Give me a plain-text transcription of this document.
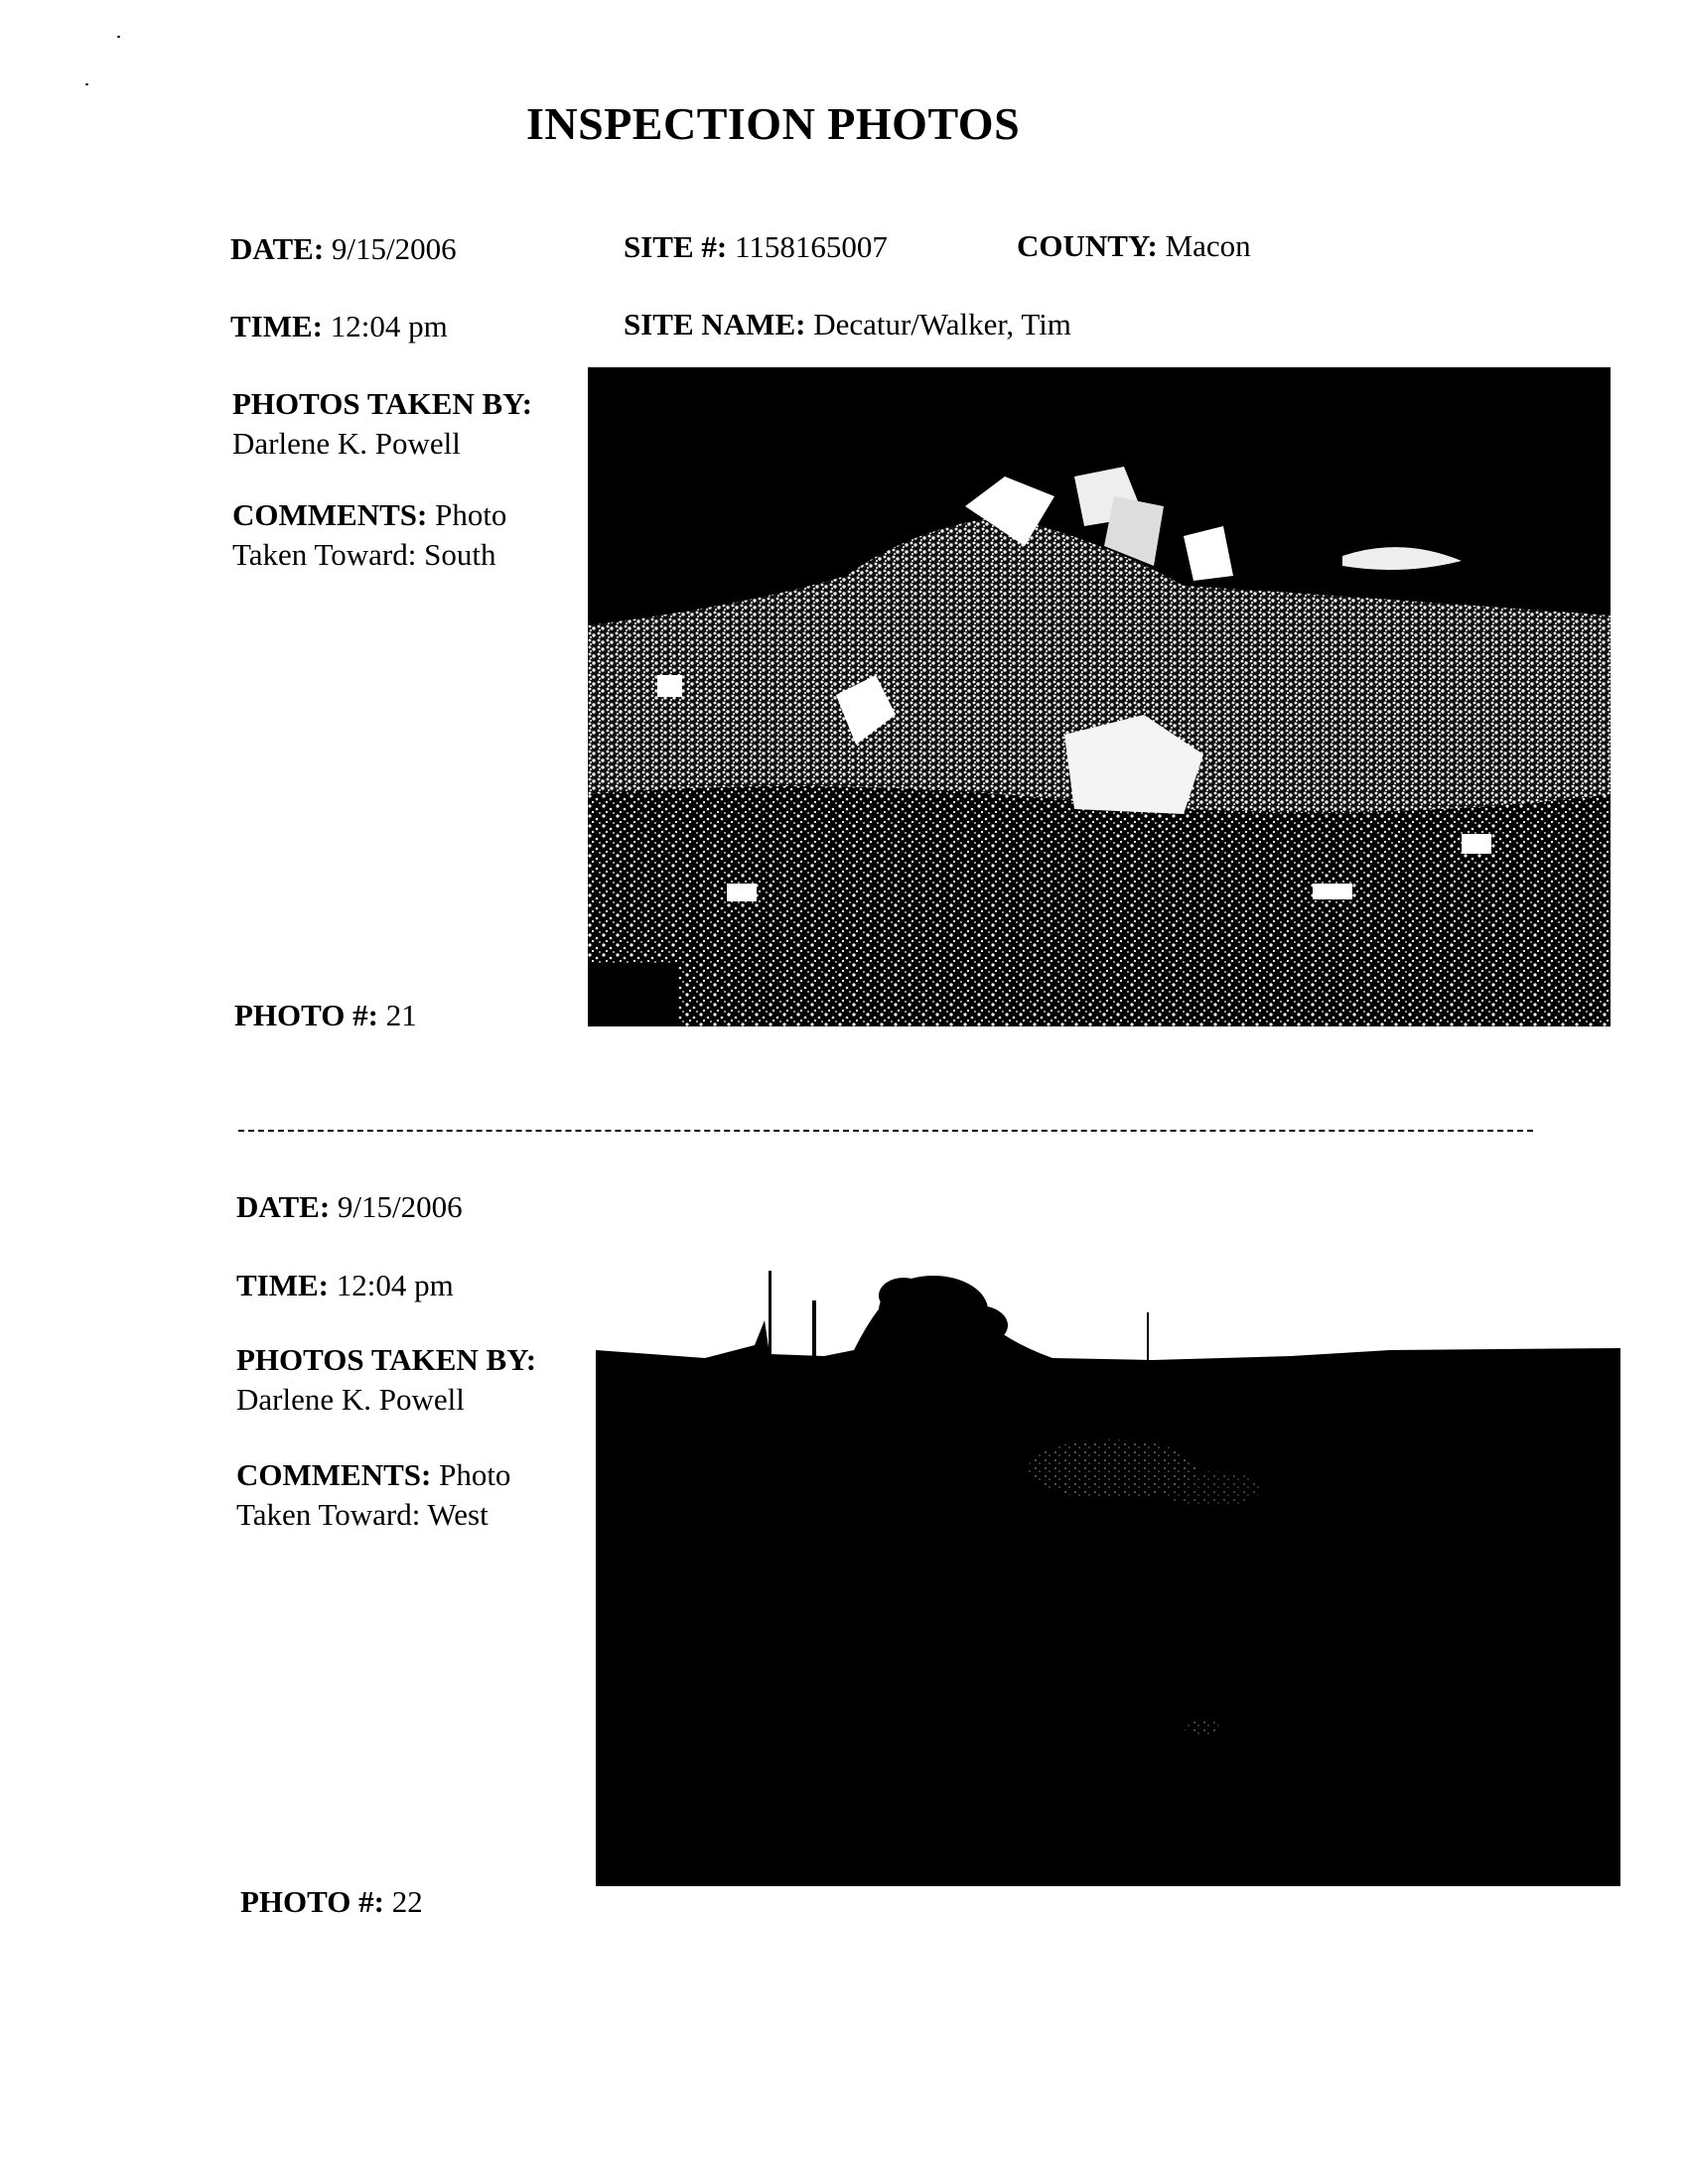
INSPECTION PHOTOS
DATE: 9/15/2006	SITE #: 1158165007	COUNTY: Macon
TIME: 12:04 pm	SITE NAME: Decatur/Walker, Tim
PHOTOS TAKEN BY:
Darlene K. Powell
COMMENTS: Photo
Taken Toward: South
PHOTO #: 21
DATE: 9/15/2006
TIME: 12:04 pm
PHOTOS TAKEN BY:
Darlene K. Powell
COMMENTS: Photo
Taken Toward: West
PHOTO #: 22
